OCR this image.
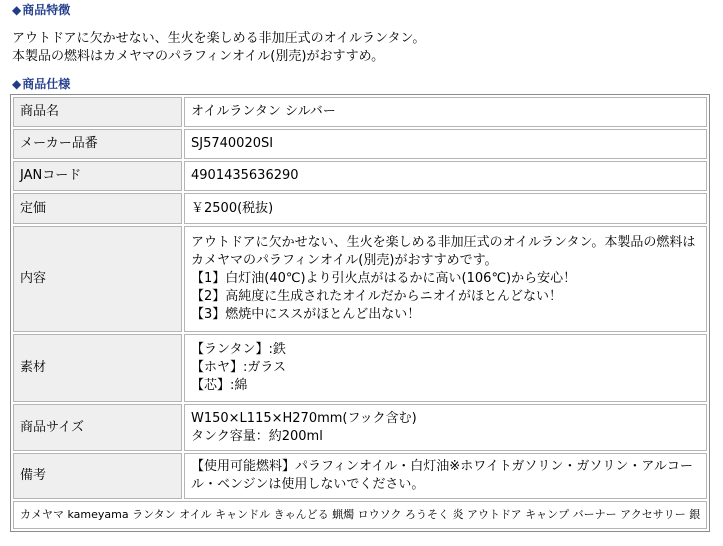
◆商品特徴
アウトドアに欠かせない、生火を楽しめる非加圧式のオイルランタン。
本製品の燃料はカメヤマのパラフィンオイル(別売)がおすすめ。
◆商品仕様
商品名	オイルランタン シルバー
メーカー品番	SJ5740020SI
JANコード	4901435636290
定価	￥2500(税抜)
内容	アウトドアに欠かせない、生火を楽しめる非加圧式のオイルランタン。本製品の燃料は
カメヤマのパラフィンオイル(別売)がおすすめです。
【1】白灯油(40℃)より引火点がはるかに高い(106℃)から安心！
【2】高純度に生成されたオイルだからニオイがほとんどない！
【3】燃焼中にススがほとんど出ない！

素材	【ランタン】:鉄
【ホヤ】:ガラス
【芯】:綿

商品サイズ	W150×L115×H270mm(フック含む)
タンク容量：約200ml

備考	【使用可能燃料】パラフィンオイル・白灯油※ホワイトガソリン・ガソリン・アルコー
ル・ベンジンは使用しないでください。

カメヤマ kameyama ランタン オイル キャンドル きゃんどる 蝋燭 ロウソク ろうそく 炎 アウトドア キャンプ バーナー アクセサリー 銀	
